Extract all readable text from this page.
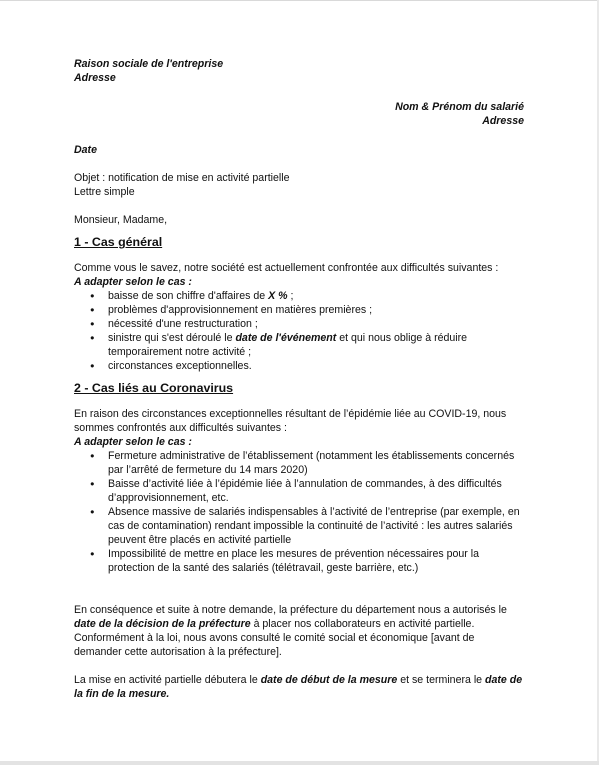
Raison sociale de l'entreprise

Adresse

Nom & Prénom du salarié

Adresse

Date

Objet : notification de mise en activité partielle

Lettre simple

Monsieur, Madame,

1 - Cas général

Comme vous le savez, notre société est actuellement confrontée aux difficultés suivantes :

A adapter selon le cas :

● baisse de son chiffre d'affaires de X % ;
● problèmes d'approvisionnement en matières premières ;
● nécessité d'une restructuration ;
● sinistre qui s'est déroulé le date de l'événement et qui nous oblige à réduire temporairement notre activité ;
● circonstances exceptionnelles.

2 - Cas liés au Coronavirus

En raison des circonstances exceptionnelles résultant de l’épidémie liée au COVID-19, nous sommes confrontés aux difficultés suivantes :

A adapter selon le cas :

● Fermeture administrative de l’établissement (notamment les établissements concernés par l’arrêté de fermeture du 14 mars 2020)
● Baisse d’activité liée à l’épidémie liée à l’annulation de commandes, à des difficultés d’approvisionnement, etc.
● Absence massive de salariés indispensables à l’activité de l’entreprise (par exemple, en cas de contamination) rendant impossible la continuité de l’activité : les autres salariés peuvent être placés en activité partielle
● Impossibilité de mettre en place les mesures de prévention nécessaires pour la protection de la santé des salariés (télétravail, geste barrière, etc.)

En conséquence et suite à notre demande, la préfecture du département nous a autorisés le date de la décision de la préfecture à placer nos collaborateurs en activité partielle. Conformément à la loi, nous avons consulté le comité social et économique [avant de demander cette autorisation à la préfecture].

La mise en activité partielle débutera le date de début de la mesure et se terminera le date de la fin de la mesure.
